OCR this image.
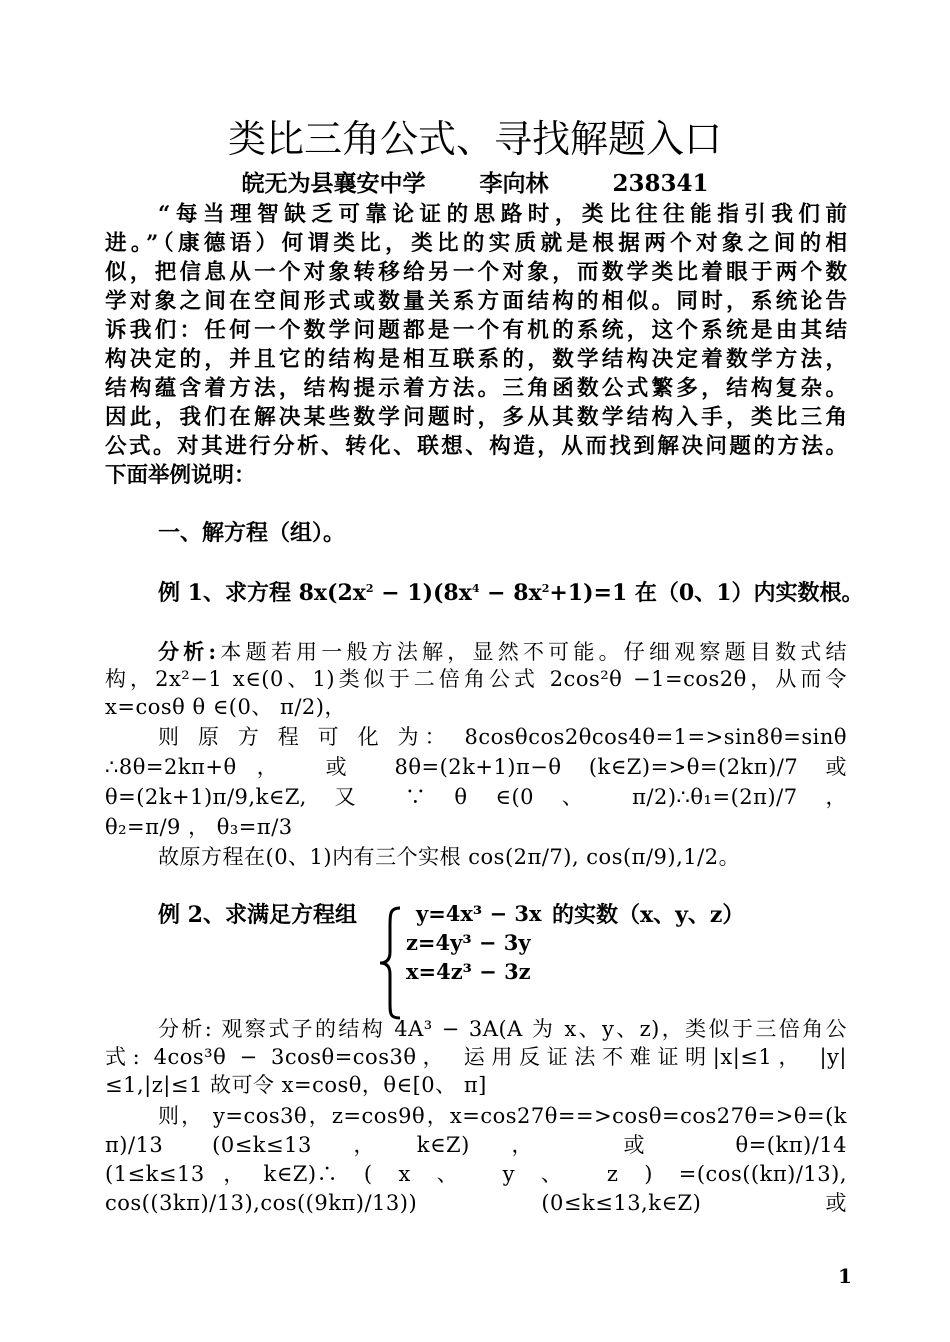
类比三角公式、寻找解题入口
皖无为县襄安中学 李向林	238341
“每当理智缺乏可靠论证的思路时，类比往往能指引我们前
进。”（康德语）何谓类比，类比的实质就是根据两个对象之间的相
似，把信息从一个对象转移给另一个对象，而数学类比着眼于两个数
学对象之间在空间形式或数量关系方面结构的相似。同时，系统论告
诉我们：任何一个数学问题都是一个有机的系统，这个系统是由其结
构决定的，并且它的结构是相互联系的，数学结构决定着数学方法，
结构蕴含着方法，结构提示着方法。三角函数公式繁多，结构复杂。
因此，我们在解决某些数学问题时，多从其数学结构入手，类比三角
公式。对其进行分析、转化、联想、构造，从而找到解决问题的方法。
下面举例说明：
一、解方程（组）。
例 1、求方程 $8x(2x^2 - 1)(8x^4 - 8x^2+1)=1$ 在（0、1）内实数根。
分析:本题若用一般方法解，显然不可能。仔细观察题目数式结
构，2x²−1 x∈(0、1)类似于二倍角公式 2cos²θ −1=cos2θ，从而令
x=cosθ θ ∈(0、 π/2)，
则 原 方 程 可 化 为： 8cosθcos2θcos4θ=1=>sin8θ=sinθ
∴8θ=2kπ+θ， 或 8θ=(2k+1)π−θ (k∈Z)=>θ=(2kπ)/7 或
θ=(2k+1)π/9,k∈Z, 又 ∵ θ ∈(0 、 π/2)∴θ₁=(2π)/7 ，
θ₂=π/9 ， θ₃=π/3
故原方程在(0、1)内有三个实根 cos(2π/7), cos(π/9),1/2。
例 2、求满足方程组	y=4x³ − 3x 的实数（x、y、z）
z=4y³ − 3y
x=4z³ − 3z
分析: 观察式子的结构 4A³ − 3A(A 为 x、y、z)，类似于三倍角公
式: 4cos³θ − 3cosθ=cos3θ， 运用反证法不难证明|x|≤1， |y|
≤1,|z|≤1 故可令 x=cosθ，θ∈[0、 π]
则， y=cos3θ，z=cos9θ，x=cos27θ==>cosθ=cos27θ=>θ=(k
π)/13 (0≤k≤13，k∈Z)， 或 θ=(kπ)/14
(1≤k≤13，k∈Z)∴ ( x 、 y 、 z ) =(cos((kπ)/13),
cos((3kπ)/13),cos((9kπ)/13)) (0≤k≤13,k∈Z) 或
1
